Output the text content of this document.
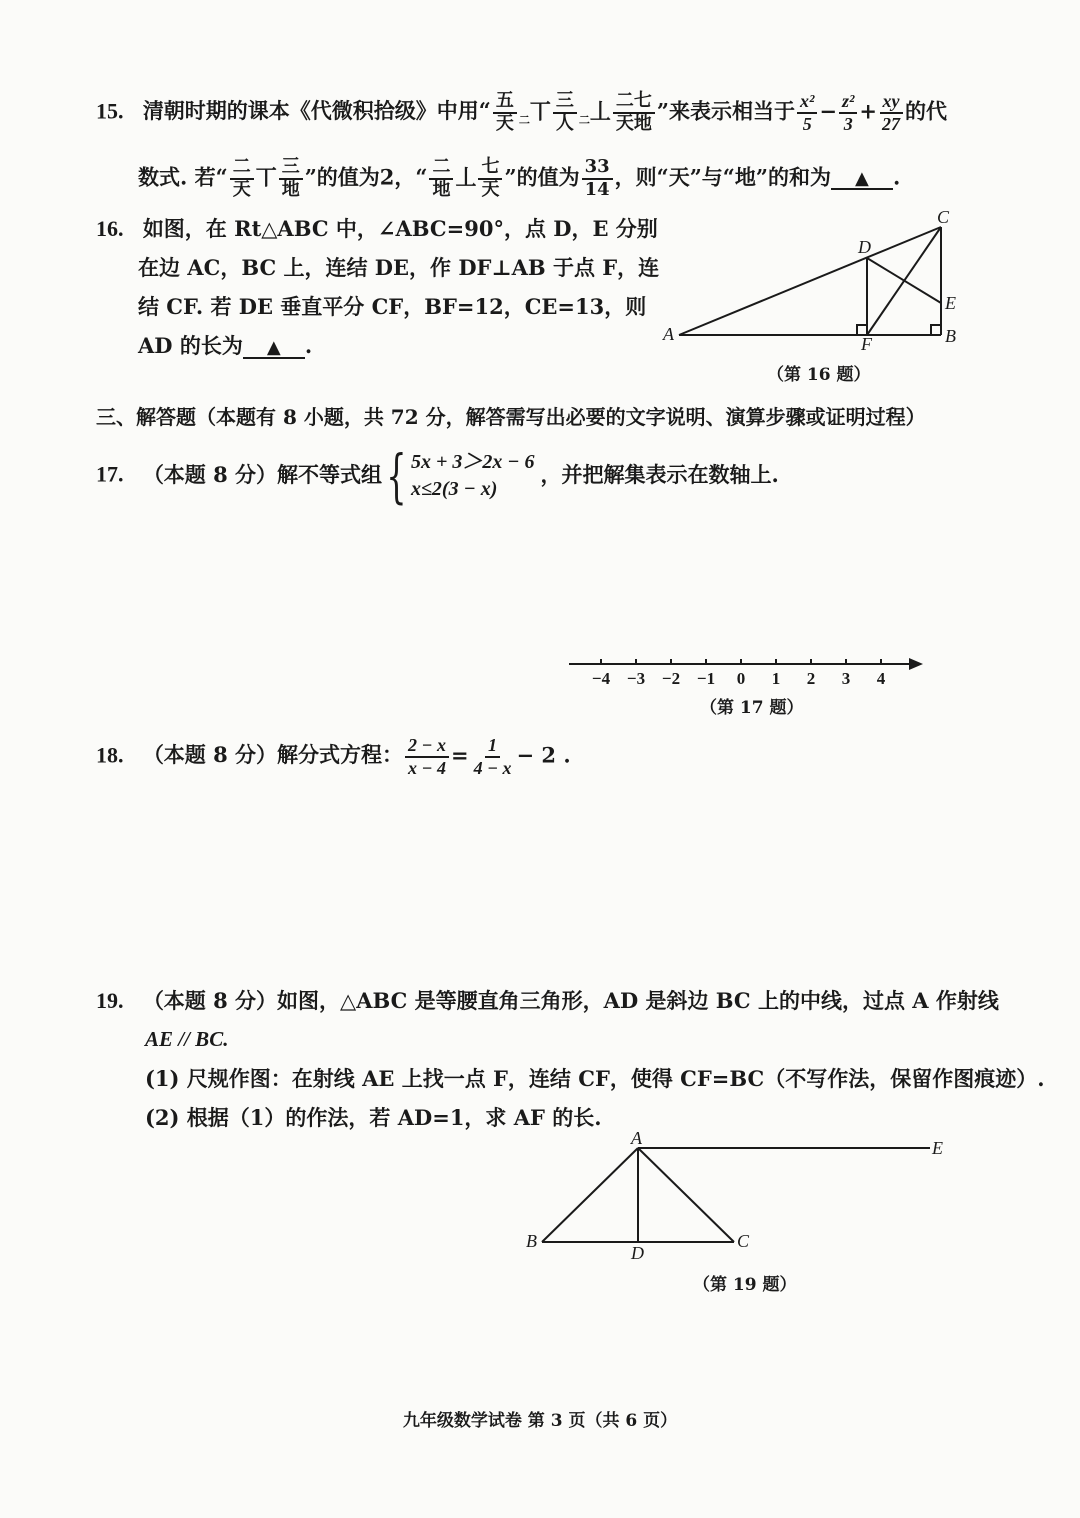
15. 清朝时期的课本《代微积拾级》中用“ $\frac{\text{五}}{\text{天}} _二$丅 $\frac{\text{三}}{\text{人}} _二$丄 $\frac{\text{二七}}{\text{天地}}$ ”来表示相当于 $\frac{\text{x²}}{5} - \frac{\text{z²}}{3} + \frac{xy}{27}$ 的代
数式. 若“ $\frac{\text{二}}{\text{天}}$ 丅 $\frac{\text{三}}{\text{地}}$ ”的值为2，“ $\frac{\text{二}}{\text{地}}$ 丄 $\frac{\text{七}}{\text{天}}$ ”的值为 $\frac{33}{14}$ ，则“天”与“地”的和为 ▲ .
16. 如图，在 Rt△ABC 中，∠ABC=90°，点 D，E 分别
在边 AC，BC 上，连结 DE，作 DF⊥AB 于点 F，连
结 CF. 若 DE 垂直平分 CF，BF=12，CE=13，则
AD 的长为 ▲ .
C
D
E
A	F	B
（第 16 题）
三、解答题（本题有 8 小题，共 72 分，解答需写出必要的文字说明、演算步骤或证明过程）
17. （本题 8 分）解不等式组{ 5x + 3＞2x − 6
x≤2(3 − x)
，并把解集表示在数轴上.
−4 −3 −2 −1 0 1 2 3 4
（第 17 题）
18. （本题 8 分）解分式方程： $\frac{2 - x}{x - 4} = \frac{1}{4 - x} - 2$ .
19. （本题 8 分）如图，△ABC 是等腰直角三角形，AD 是斜边 BC 上的中线，过点 A 作射线
AE // BC.
(1) 尺规作图：在射线 AE 上找一点 F，连结 CF，使得 CF=BC（不写作法，保留作图痕迹）.
(2) 根据（1）的作法，若 AD=1，求 AF 的长.
A	E
B
D
C
（第 19 题）
九年级数学试卷 第 3 页（共 6 页）
